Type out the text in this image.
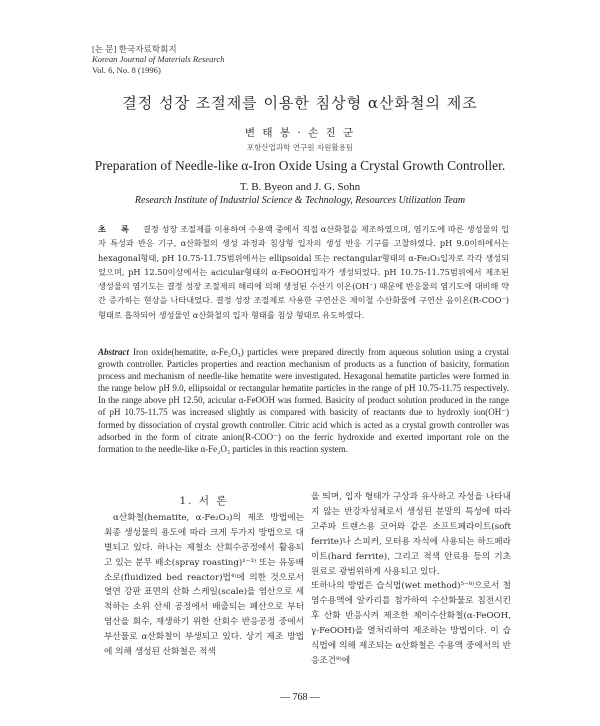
[논 문] 한국자료학회지
Korean Journal of Materials Research
Vol. 6, No. 8 (1996)
결정 성장 조절제를 이용한 침상형 α산화철의 제조
변 태 봉 · 손 진 군
포항산업과학 연구원 자원활용팀
Preparation of Needle-like α-Iron Oxide Using a Crystal Growth Controller.
T. B. Byeon and J. G. Sohn
Research Institute of Industrial Science & Technology, Resources Utilization Team
초 록 결정 성장 조절제를 이용하여 수용액 중에서 직접 α산화철을 제조하였으며, 염기도에 따른 생성물의 입자 특성과 반응 기구, α산화철의 생성 과정과 침상형 입자의 생성 반응 기구를 고찰하였다. pH 9.0이하에서는 hexagonal형태, pH 10.75-11.75범위에서는 ellipsoidal 또는 rectangular형태의 α-Fe₂O₃입자로 각각 생성되었으며, pH 12.50이상에서는 acicular형태의 α-FeOOH입자가 생성되었다. pH 10.75-11.75범위에서 제조된 생성물의 염기도는 결정 성장 조절제의 해리에 의해 생성된 수산기 이온(OH⁻) 때문에 반응물의 염기도에 대비해 약간 증가하는 현상을 나타내었다. 결정 성장 조절제로 사용한 구연산은 제이철 수산화물에 구연산 음이온(R-COO⁻) 형태로 흡착되어 생성물인 α산화철의 입자 형태를 침상 형태로 유도하였다.
Abstract Iron oxide(hematite, α-Fe₂O₃) particles were prepared directly from aqueous solution using a crystal growth controller. Particles properties and reaction mechanism of products as a function of basicity, formation process and mechanism of needle-like hematite were investigated. Hexagonal hematite particles were formed in the range below pH 9.0, ellipsoidal or rectangular hematite particles in the range of pH 10.75-11.75 respectively. In the range above pH 12.50, acicular α-FeOOH was formed. Basicity of product solution produced in the range of pH 10.75-11.75 was increased slightly as compared with basicity of reactants due to hydroxly ion(OH⁻) formed by dissociation of crystal growth controller. Citric acid which is acted as a crystal growth controller was adsorbed in the form of citrate anion(R-COO⁻) on the ferric hydroxide and exerted important role on the formation to the needle-like α-Fe₂O₃ particles in this reaction system.
1. 서 론
α산화철(hematite, α-Fe₂O₃)의 제조 방법에는 최종 생성물의 용도에 따라 크게 두가지 방법으로 대별되고 있다. 하나는 제철소 산회수공정에서 활용되고 있는 분무 배소(spray roasting)¹⁻³⁾ 또는 유동배소로(fluidized bed reactor)법⁴⁾에 의한 것으로서 열연 강판 표면의 산화 스케일(scale)을 염산으로 세척하는 소위 산세 공정에서 배출되는 폐산으로 부터 염산을 회수, 재생하기 위한 산회수 반응공정 중에서 부산물로 α산화철이 부생되고 있다. 상기 제조 방법에 의해 생성된 산화철은 적색
을 띄며, 입자 형태가 구상과 유사하고 자성을 나타내지 않는 반강자성체로서 생성된 분말의 특성에 따라 고주파 트랜스용 코어와 같은 소프트페라이트(soft ferrite)나 스피커, 모터용 자석에 사용되는 하드페라이트(hard ferrite), 그리고 적색 안료용 등의 기초 원료로 광범위하게 사용되고 있다.
또하나의 방법은 습식법(wet method)⁵⁻⁸⁾으로서 철염수용액에 알카리를 첨가하여 수산화물로 침전시킨 후 산화 반응시켜 제조한 제이수산화철(α-FeOOH, γ-FeOOH)을 열처리하여 제조하는 방법이다. 이 습식법에 의해 제조되는 α산화철은 수용액 중에서의 반응조건⁹⁾에
— 768 —
